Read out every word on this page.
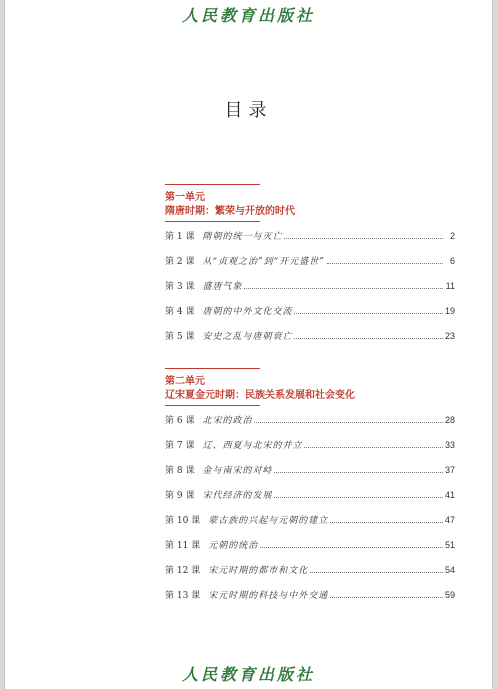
人民教育出版社
目录
第一单元
隋唐时期：繁荣与开放的时代
第 1 课 隋朝的统一与灭亡	2
第 2 课 从“贞观之治”到“开元盛世”	6
第 3 课 盛唐气象	11
第 4 课 唐朝的中外文化交流	19
第 5 课 安史之乱与唐朝衰亡	23
第二单元
辽宋夏金元时期：民族关系发展和社会变化
第 6 课 北宋的政治	28
第 7 课 辽、西夏与北宋的并立	33
第 8 课 金与南宋的对峙	37
第 9 课 宋代经济的发展	41
第 10 课 蒙古族的兴起与元朝的建立	47
第 11 课 元朝的统治	51
第 12 课 宋元时期的都市和文化	54
第 13 课 宋元时期的科技与中外交通	59
人民教育出版社
